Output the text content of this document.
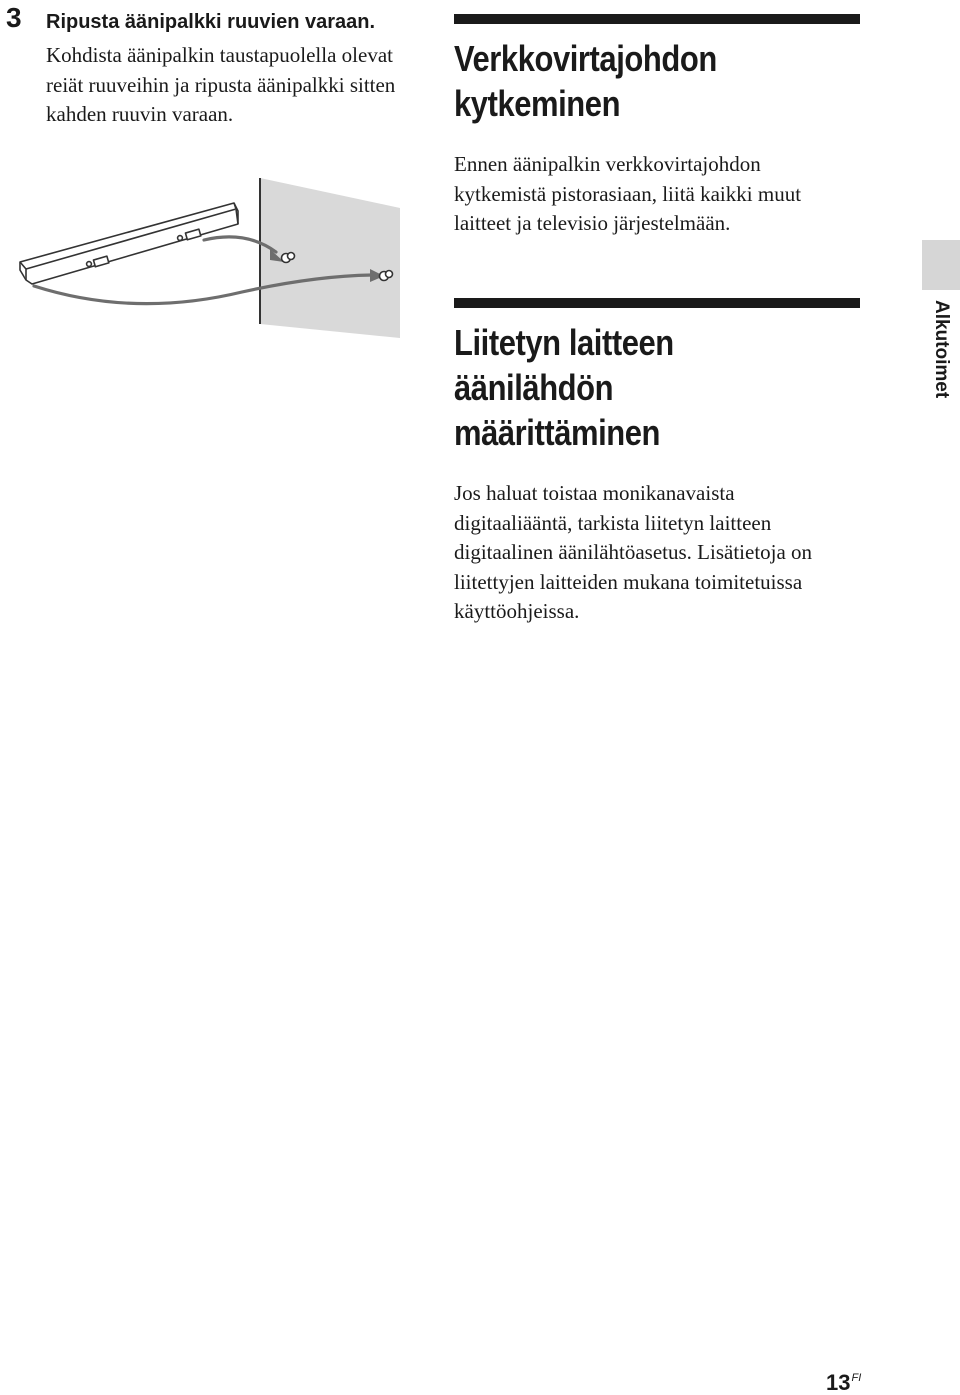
3 Ripusta äänipalkki ruuvien varaan.

Kohdista äänipalkin taustapuolella olevat reiät ruuveihin ja ripusta äänipalkki sitten kahden ruuvin varaan.

Verkkovirtajohdon kytkeminen

Ennen äänipalkin verkkovirtajohdon kytkemistä pistorasiaan, liitä kaikki muut laitteet ja televisio järjestelmään.

Liitetyn laitteen äänilähdön määrittäminen

Jos haluat toistaa monikanavaista digitaaliääntä, tarkista liitetyn laitteen digitaalinen äänilähtöasetus. Lisätietoja on liitettyjen laitteiden mukana toimitetuissa käyttöohjeissa.

Alkutoimet
$13^{FI}$
